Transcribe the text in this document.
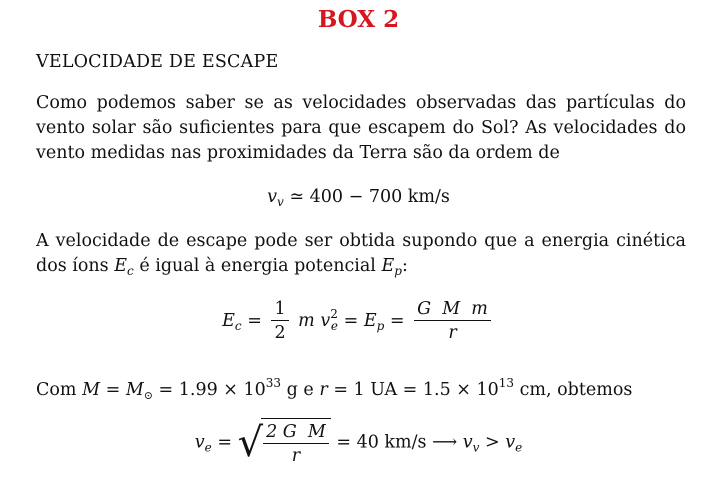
BOX 2
VELOCIDADE DE ESCAPE
Como podemos saber se as velocidades observadas das partículas do vento solar são suficientes para que escapem do Sol? As velocidades do vento medidas nas proximidades da Terra são da ordem de
$v_v$ ≃ 400 − 700 km/s
A velocidade de escape pode ser obtida supondo que a energia cinética dos íons $E_c$ é igual à energia potencial $E_p$:
$E_c = \frac{1}{2}$ m $v^2_e = E_p = \frac{\text{G  M  m}}{r}$
Com $M = M_⊙ = 1.99 \times 10^{33}$ g e r = 1 UA = $1.5 \times 10^{13}$ cm, obtemos
$v_e$ = √ $\frac{\text{2 G  M}}{r} = 40$ km/s ⟶ $v_v > v_e$
